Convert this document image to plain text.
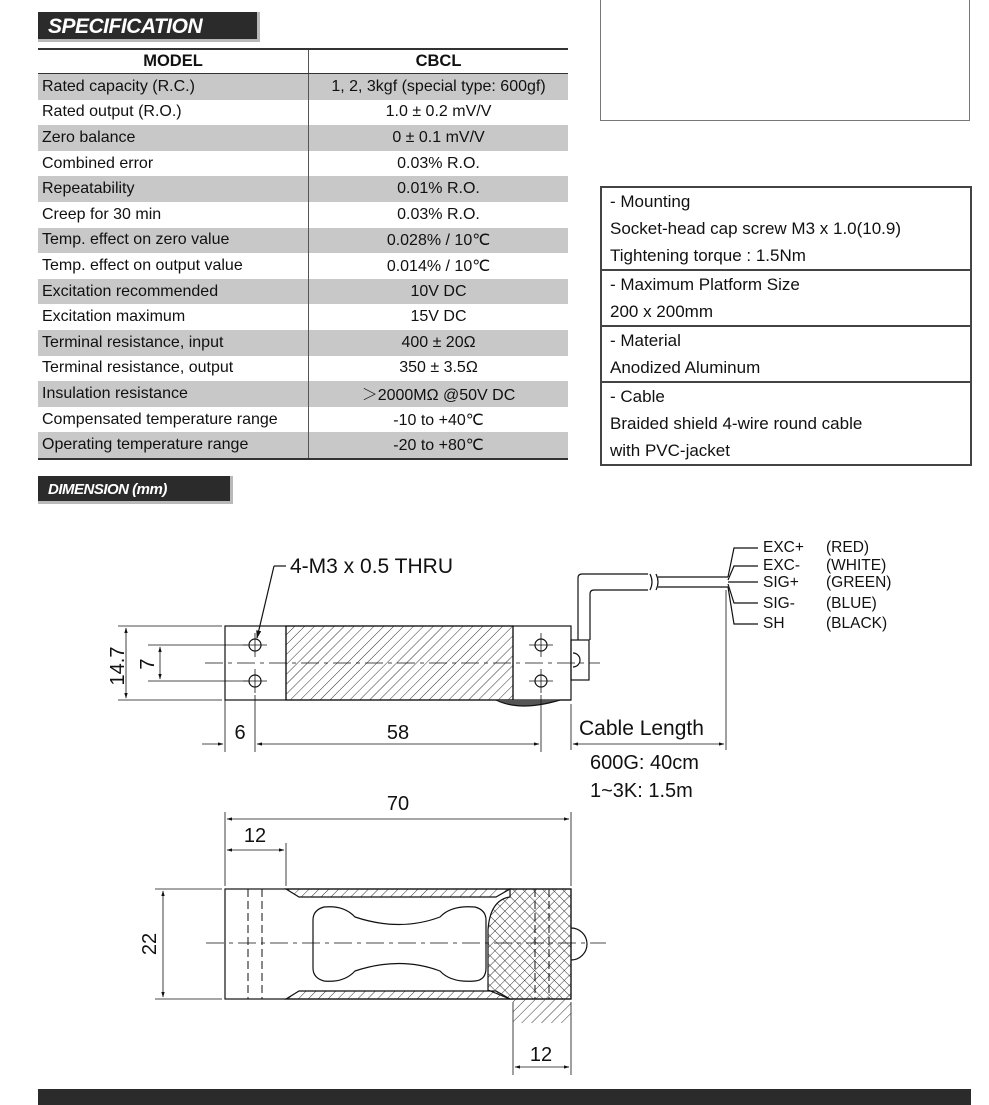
SPECIFICATION
MODEL	CBCL
Rated capacity (R.C.)	1, 2, 3kgf (special type: 600gf)
Rated output (R.O.)	1.0 ± 0.2 mV/V
Zero balance	0 ± 0.1 mV/V
Combined error	0.03% R.O.
Repeatability	0.01% R.O.
Creep for 30 min	0.03% R.O.
Temp. effect on zero value	0.028% / 10℃
Temp. effect on output value	0.014% / 10℃
Excitation recommended	10V DC
Excitation maximum	15V DC
Terminal resistance, input	400 ± 20Ω
Terminal resistance, output	350 ± 3.5Ω
Insulation resistance	＞2000MΩ @50V DC
Compensated temperature range	-10 to +40℃
Operating temperature range	-20 to +80℃
- Mounting
Socket-head cap screw M3 x 1.0(10.9)
Tightening torque : 1.5Nm
- Maximum Platform Size
200 x 200mm
- Material
Anodized Aluminum
- Cable
Braided shield 4-wire round cable
with PVC-jacket
DIMENSION (mm)
4-M3 x 0.5 THRU
EXC+ (RED)
EXC- (WHITE)
SIG+ (GREEN)
SIG- (BLUE)
SH	(BLACK)
14.7 7
6	58	Cable Length
600G: 40cm
1~3K: 1.5m
70
12
22
12
